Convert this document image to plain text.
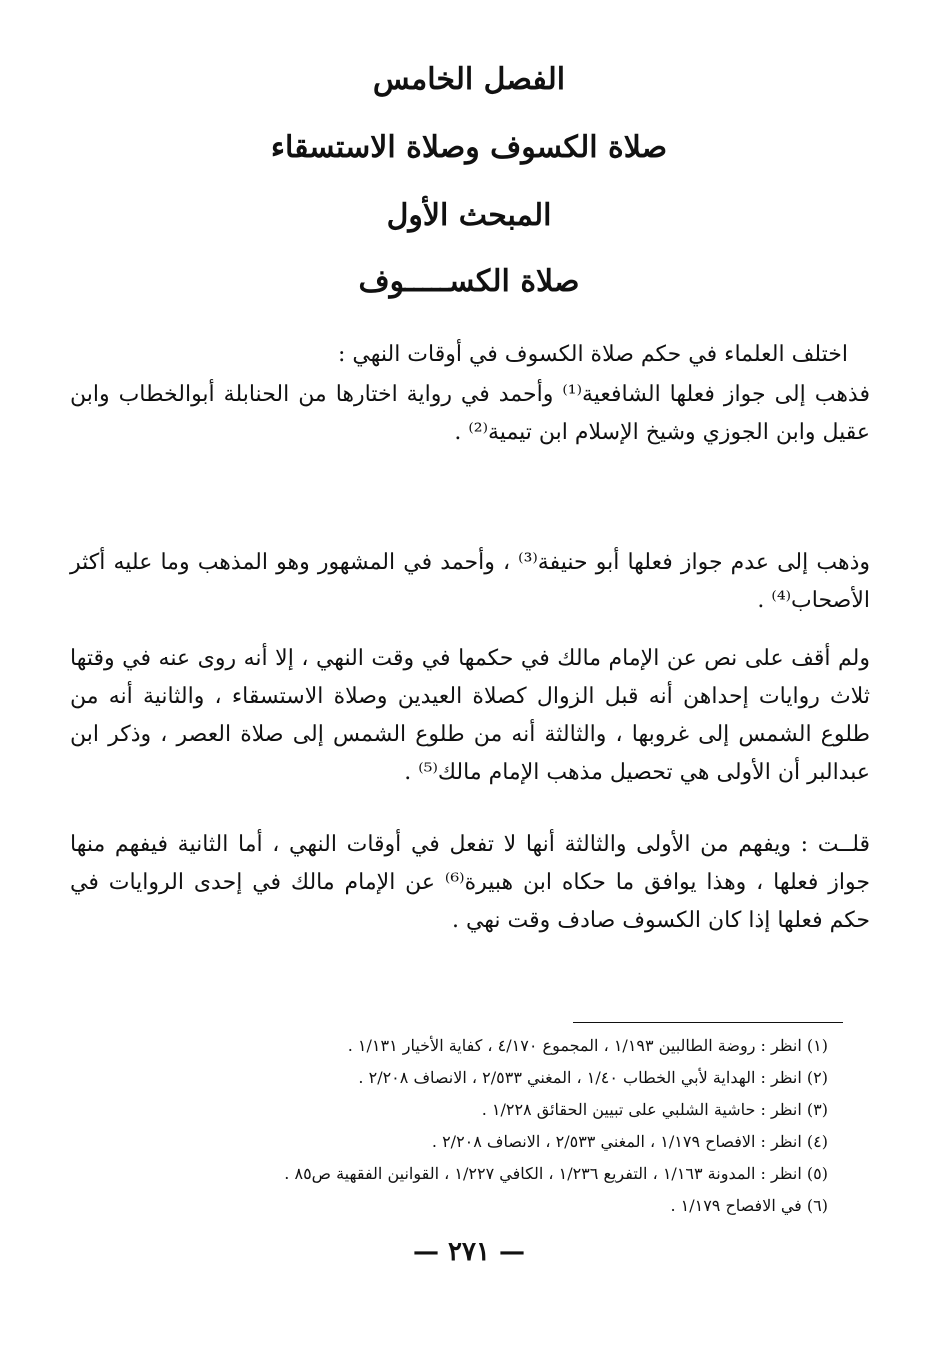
الفصل الخامس
صلاة الكسوف وصلاة الاستسقاء
المبحث الأول
صلاة الكســـــوف

اختلف العلماء في حكم صلاة الكسوف في أوقات النهي :

فذهب إلى جواز فعلها الشافعية⁽¹⁾ وأحمد في رواية اختارها من الحنابلة أبوالخطاب وابن عقيل وابن الجوزي وشيخ الإسلام ابن تيمية⁽²⁾ .

وذهب إلى عدم جواز فعلها أبو حنيفة⁽³⁾ ، وأحمد في المشهور وهو المذهب وما عليه أكثر الأصحاب⁽⁴⁾ .

ولم أقف على نص عن الإمام مالك في حكمها في وقت النهي ، إلا أنه روى عنه في وقتها ثلاث روايات إحداهن أنه قبل الزوال كصلاة العيدين وصلاة الاستسقاء ، والثانية أنه من طلوع الشمس إلى غروبها ، والثالثة أنه من طلوع الشمس إلى صلاة العصر ، وذكر ابن عبدالبر أن الأولى هي تحصيل مذهب الإمام مالك⁽⁵⁾ .

قلــت : ويفهم من الأولى والثالثة أنها لا تفعل في أوقات النهي ، أما الثانية فيفهم منها جواز فعلها ، وهذا يوافق ما حكاه ابن هبيرة⁽⁶⁾ عن الإمام مالك في إحدى الروايات في حكم فعلها إذا كان الكسوف صادف وقت نهي .

(١) انظر : روضة الطالبين ١/١٩٣ ، المجموع ٤/١٧٠ ، كفاية الأخيار ١/١٣١ .
(٢) انظر : الهداية لأبي الخطاب ١/٤٠ ، المغني ٢/٥٣٣ ، الانصاف ٢/٢٠٨ .
(٣) انظر : حاشية الشلبي على تبيين الحقائق ١/٢٢٨ .
(٤) انظر : الافصاح ١/١٧٩ ، المغني ٢/٥٣٣ ، الانصاف ٢/٢٠٨ .
(٥) انظر : المدونة ١/١٦٣ ، التفريع ١/٢٣٦ ، الكافي ١/٢٢٧ ، القوانين الفقهية ص٨٥ .
(٦) في الافصاح ١/١٧٩ .
— ٢٧١ —
